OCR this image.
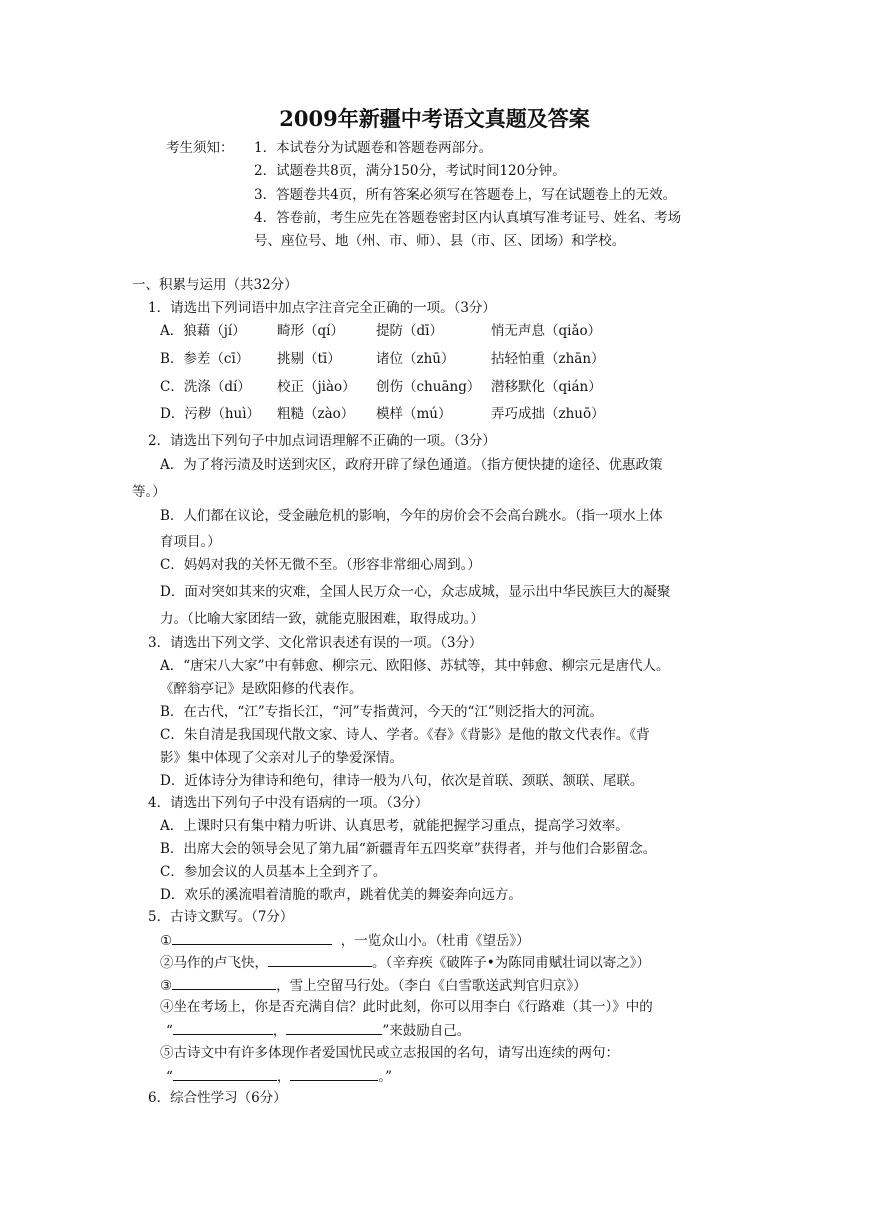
2009年新疆中考语文真题及答案
考生须知： 1．本试卷分为试题卷和答题卷两部分。
2．试题卷共8页，满分150分，考试时间120分钟。
3．答题卷共4页，所有答案必须写在答题卷上，写在试题卷上的无效。
4．答卷前，考生应先在答题卷密封区内认真填写准考证号、姓名、考场
号、座位号、地（州、市、师）、县（市、区、团场）和学校。
一、积累与运用（共32分）
1．请选出下列词语中加点字注音完全正确的一项。（3分）
A．狼藉（jí） 畸形（qí） 提防（dī）	悄无声息（qiǎo）
B．参差（cī） 挑剔（tī）	诸位（zhū）	拈轻怕重（zhān）
C．洗涤（dí） 校正（jiào） 创伤（chuāng） 潜移默化（qián）
D．污秽（huì） 粗糙（zào） 模样（mú）	弄巧成拙（zhuō）
2．请选出下列句子中加点词语理解不正确的一项。（3分）
A．为了将污渍及时送到灾区，政府开辟了绿色通道。（指方便快捷的途径、优惠政策
等。）
B．人们都在议论，受金融危机的影响，今年的房价会不会高台跳水。（指一项水上体
育项目。）
C．妈妈对我的关怀无微不至。（形容非常细心周到。）
D．面对突如其来的灾难，全国人民万众一心，众志成城，显示出中华民族巨大的凝聚
力。（比喻大家团结一致，就能克服困难，取得成功。）
3．请选出下列文学、文化常识表述有误的一项。（3分）
A．“唐宋八大家”中有韩愈、柳宗元、欧阳修、苏轼等，其中韩愈、柳宗元是唐代人。
《醉翁亭记》是欧阳修的代表作。
B．在古代，“江”专指长江，“河”专指黄河，今天的“江”则泛指大的河流。
C．朱自清是我国现代散文家、诗人、学者。《春》《背影》是他的散文代表作。《背
影》集中体现了父亲对儿子的挚爱深情。
D．近体诗分为律诗和绝句，律诗一般为八句，依次是首联、颈联、颔联、尾联。
4．请选出下列句子中没有语病的一项。（3分）
A．上课时只有集中精力听讲、认真思考，就能把握学习重点，提高学习效率。
B．出席大会的领导会见了第九届“新疆青年五四奖章”获得者，并与他们合影留念。
C．参加会议的人员基本上全到齐了。
D．欢乐的溪流唱着清脆的歌声，跳着优美的舞姿奔向远方。
5．古诗文默写。（7分）
①	，一览众山小。（杜甫《望岳》）
②马作的卢飞快，	。（辛弃疾《破阵子•为陈同甫赋壮词以寄之》）
③	，雪上空留马行处。（李白《白雪歌送武判官归京》）
④坐在考场上，你是否充满自信？此时此刻，你可以用李白《行路难（其一）》中的
“	，	”来鼓励自己。
⑤古诗文中有许多体现作者爱国忧民或立志报国的名句，请写出连续的两句：
“	，	。”
6．综合性学习（6分）
